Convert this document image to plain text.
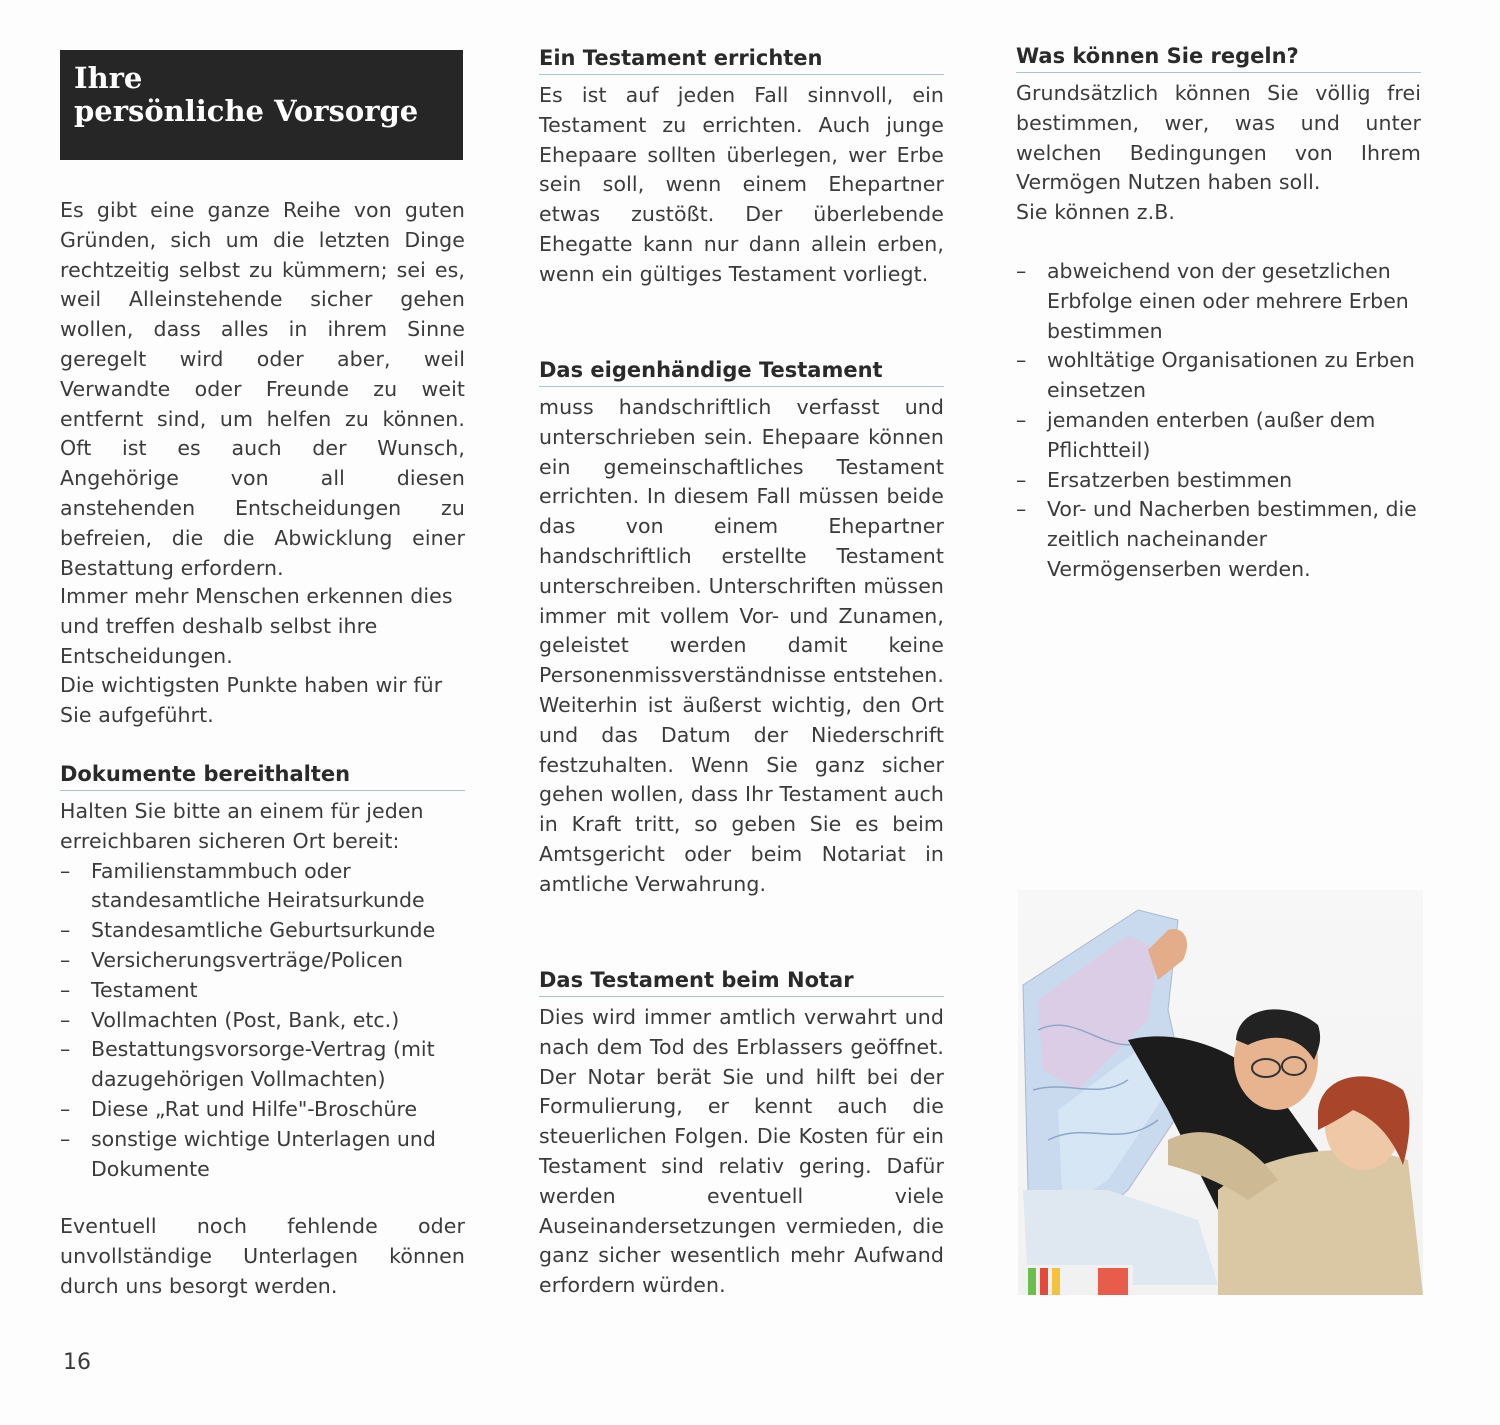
Ihre
persönliche Vorsorge

Es gibt eine ganze Reihe von guten Gründen, sich um die letzten Dinge rechtzeitig selbst zu kümmern; sei es, weil Alleinstehende sicher gehen wollen, dass alles in ihrem Sinne geregelt wird oder aber, weil Verwandte oder Freunde zu weit entfernt sind, um helfen zu können. Oft ist es auch der Wunsch, Angehörige von all diesen anstehenden Entscheidungen zu befreien, die die Abwicklung einer Bestattung erfordern.

Immer mehr Menschen erkennen dies und treffen deshalb selbst ihre Entscheidungen.

Die wichtigsten Punkte haben wir für Sie aufgeführt.

Dokumente bereithalten

Halten Sie bitte an einem für jeden erreichbaren sicheren Ort bereit:

– Familienstammbuch oder standesamtliche Heiratsurkunde
– Standesamtliche Geburtsurkunde
– Versicherungsverträge/Policen
– Testament
– Vollmachten (Post, Bank, etc.)
– Bestattungsvorsorge-Vertrag (mit dazugehörigen Vollmachten)
– Diese „Rat und Hilfe"-Broschüre
– sonstige wichtige Unterlagen und Dokumente

Eventuell noch fehlende oder unvollständige Unterlagen können durch uns besorgt werden.

Ein Testament errichten

Es ist auf jeden Fall sinnvoll, ein Testament zu errichten. Auch junge Ehepaare sollten überlegen, wer Erbe sein soll, wenn einem Ehepartner etwas zustößt. Der überlebende Ehegatte kann nur dann allein erben, wenn ein gültiges Testament vorliegt.

Das eigenhändige Testament

muss handschriftlich verfasst und unterschrieben sein. Ehepaare können ein gemeinschaftliches Testament errichten. In diesem Fall müssen beide das von einem Ehepartner handschriftlich erstellte Testament unterschreiben. Unterschriften müssen immer mit vollem Vor- und Zunamen, geleistet werden damit keine Personenmissverständnisse entstehen. Weiterhin ist äußerst wichtig, den Ort und das Datum der Niederschrift festzuhalten. Wenn Sie ganz sicher gehen wollen, dass Ihr Testament auch in Kraft tritt, so geben Sie es beim Amtsgericht oder beim Notariat in amtliche Verwahrung.

Das Testament beim Notar

Dies wird immer amtlich verwahrt und nach dem Tod des Erblassers geöffnet. Der Notar berät Sie und hilft bei der Formulierung, er kennt auch die steuerlichen Folgen. Die Kosten für ein Testament sind relativ gering. Dafür werden eventuell viele Auseinandersetzungen vermieden, die ganz sicher wesentlich mehr Aufwand erfordern würden.

Was können Sie regeln?

Grundsätzlich können Sie völlig frei bestimmen, wer, was und unter welchen Bedingungen von Ihrem Vermögen Nutzen haben soll.

Sie können z.B.

– abweichend von der gesetzlichen Erbfolge einen oder mehrere Erben bestimmen
– wohltätige Organisationen zu Erben einsetzen
– jemanden enterben (außer dem Pflichtteil)
– Ersatzerben bestimmen
– Vor- und Nacherben bestimmen, die zeitlich nacheinander Vermögenserben werden.
16
